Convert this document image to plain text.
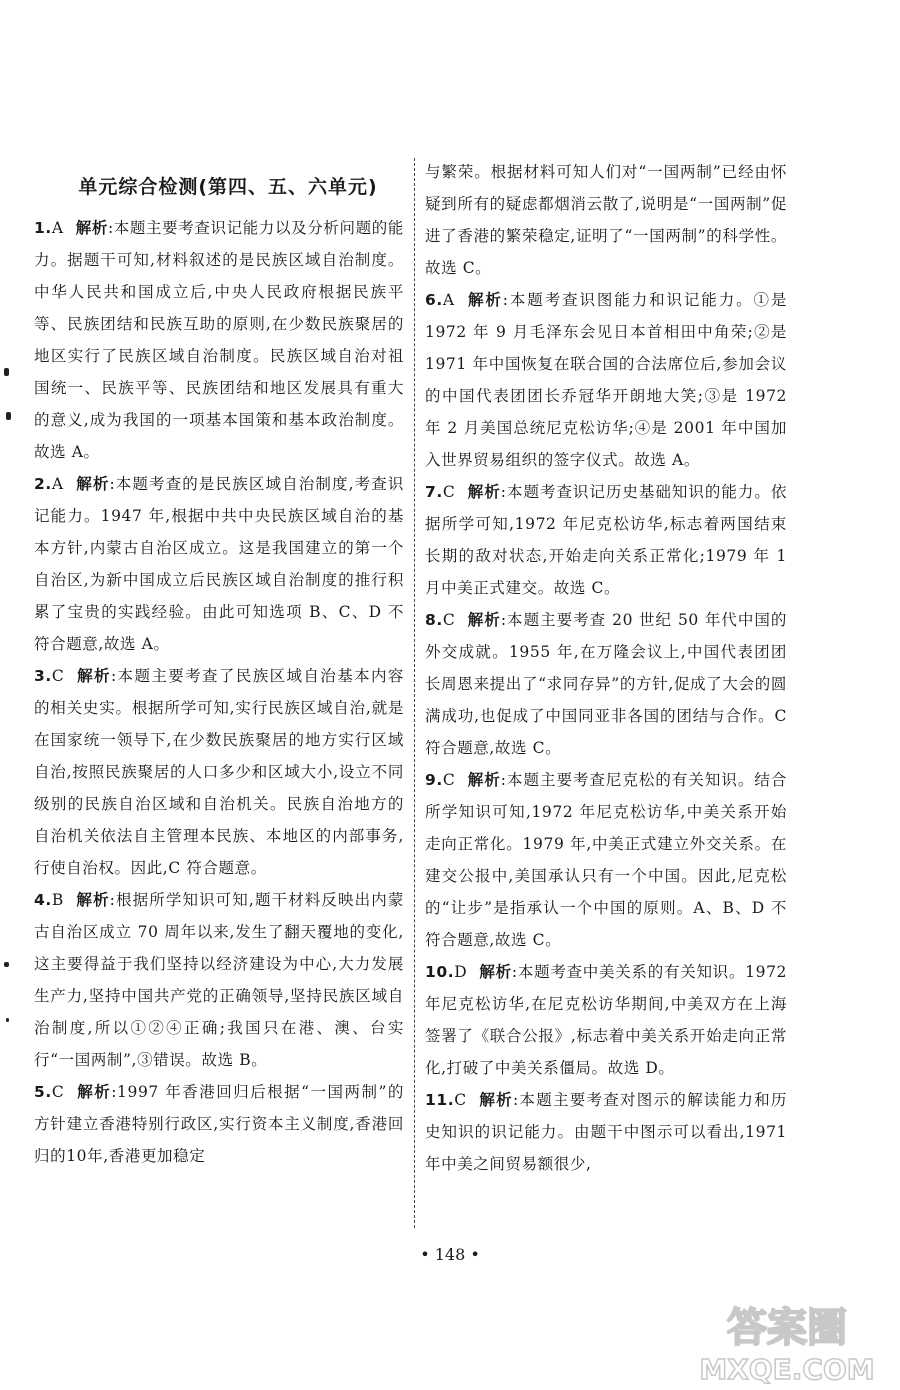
单元综合检测(第四、五、六单元)
1.A 解析:本题主要考查识记能力以及分析问题的能力。据题干可知,材料叙述的是民族区域自治制度。中华人民共和国成立后,中央人民政府根据民族平等、民族团结和民族互助的原则,在少数民族聚居的地区实行了民族区域自治制度。民族区域自治对祖国统一、民族平等、民族团结和地区发展具有重大的意义,成为我国的一项基本国策和基本政治制度。故选 A。
2.A 解析:本题考查的是民族区域自治制度,考查识记能力。1947 年,根据中共中央民族区域自治的基本方针,内蒙古自治区成立。这是我国建立的第一个自治区,为新中国成立后民族区域自治制度的推行积累了宝贵的实践经验。由此可知选项 B、C、D 不符合题意,故选 A。
3.C 解析:本题主要考查了民族区域自治基本内容的相关史实。根据所学可知,实行民族区域自治,就是在国家统一领导下,在少数民族聚居的地方实行区域自治,按照民族聚居的人口多少和区域大小,设立不同级别的民族自治区域和自治机关。民族自治地方的自治机关依法自主管理本民族、本地区的内部事务,行使自治权。因此,C 符合题意。
4.B 解析:根据所学知识可知,题干材料反映出内蒙古自治区成立 70 周年以来,发生了翻天覆地的变化,这主要得益于我们坚持以经济建设为中心,大力发展生产力,坚持中国共产党的正确领导,坚持民族区域自治制度,所以①②④正确;我国只在港、澳、台实行“一国两制”,③错误。故选 B。
5.C 解析:1997 年香港回归后根据“一国两制”的方针建立香港特别行政区,实行资本主义制度,香港回归的10年,香港更加稳定
与繁荣。根据材料可知人们对“一国两制”已经由怀疑到所有的疑虑都烟消云散了,说明是“一国两制”促进了香港的繁荣稳定,证明了“一国两制”的科学性。故选 C。
6.A 解析:本题考查识图能力和识记能力。①是 1972 年 9 月毛泽东会见日本首相田中角荣;②是 1971 年中国恢复在联合国的合法席位后,参加会议的中国代表团团长乔冠华开朗地大笑;③是 1972 年 2 月美国总统尼克松访华;④是 2001 年中国加入世界贸易组织的签字仪式。故选 A。
7.C 解析:本题考查识记历史基础知识的能力。依据所学可知,1972 年尼克松访华,标志着两国结束长期的敌对状态,开始走向关系正常化;1979 年 1 月中美正式建交。故选 C。
8.C 解析:本题主要考查 20 世纪 50 年代中国的外交成就。1955 年,在万隆会议上,中国代表团团长周恩来提出了“求同存异”的方针,促成了大会的圆满成功,也促成了中国同亚非各国的团结与合作。C 符合题意,故选 C。
9.C 解析:本题主要考查尼克松的有关知识。结合所学知识可知,1972 年尼克松访华,中美关系开始走向正常化。1979 年,中美正式建立外交关系。在建交公报中,美国承认只有一个中国。因此,尼克松的“让步”是指承认一个中国的原则。A、B、D 不符合题意,故选 C。
10.D 解析:本题考查中美关系的有关知识。1972 年尼克松访华,在尼克松访华期间,中美双方在上海签署了《联合公报》,标志着中美关系开始走向正常化,打破了中美关系僵局。故选 D。
11.C 解析:本题主要考查对图示的解读能力和历史知识的识记能力。由题干中图示可以看出,1971 年中美之间贸易额很少,
• 148 •
答案圈
MXQE.COM
